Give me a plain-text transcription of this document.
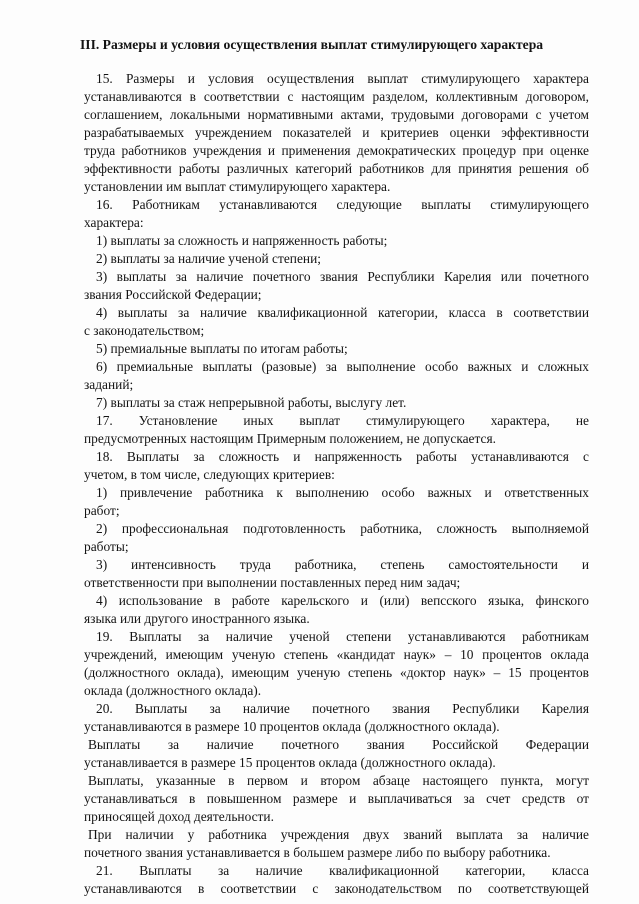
III. Размеры и условия осуществления выплат стимулирующего характера

15. Размеры и условия осуществления выплат стимулирующего характера

устанавливаются в соответствии с настоящим разделом, коллективным договором,

соглашением, локальными нормативными актами, трудовыми договорами с учетом

разрабатываемых учреждением показателей и критериев оценки эффективности

труда работников учреждения и применения демократических процедур при оценке

эффективности работы различных категорий работников для принятия решения об

установлении им выплат стимулирующего характера.

16. Работникам устанавливаются следующие выплаты стимулирующего

характера:

1) выплаты за сложность и напряженность работы;

2) выплаты за наличие ученой степени;

3) выплаты за наличие почетного звания Республики Карелия или почетного

звания Российской Федерации;

4) выплаты за наличие квалификационной категории, класса в соответствии

с законодательством;

5) премиальные выплаты по итогам работы;

6) премиальные выплаты (разовые) за выполнение особо важных и сложных

заданий;

7) выплаты за стаж непрерывной работы, выслугу лет.

17. Установление иных выплат стимулирующего характера, не

предусмотренных настоящим Примерным положением, не допускается.

18. Выплаты за сложность и напряженность работы устанавливаются с

учетом, в том числе, следующих критериев:

1) привлечение работника к выполнению особо важных и ответственных

работ;

2) профессиональная подготовленность работника, сложность выполняемой

работы;

3) интенсивность труда работника, степень самостоятельности и

ответственности при выполнении поставленных перед ним задач;

4) использование в работе карельского и (или) вепсского языка, финского

языка или другого иностранного языка.

19. Выплаты за наличие ученой степени устанавливаются работникам

учреждений, имеющим ученую степень «кандидат наук» – 10 процентов оклада

(должностного оклада), имеющим ученую степень «доктор наук» – 15 процентов

оклада (должностного оклада).

20. Выплаты за наличие почетного звания Республики Карелия

устанавливаются в размере 10 процентов оклада (должностного оклада).

Выплаты за наличие почетного звания Российской Федерации

устанавливается в размере 15 процентов оклада (должностного оклада).

Выплаты, указанные в первом и втором абзаце настоящего пункта, могут

устанавливаться в повышенном размере и выплачиваться за счет средств от

приносящей доход деятельности.

При наличии у работника учреждения двух званий выплата за наличие

почетного звания устанавливается в большем размере либо по выбору работника.

21. Выплаты за наличие квалификационной категории, класса

устанавливаются в соответствии с законодательством по соответствующей
